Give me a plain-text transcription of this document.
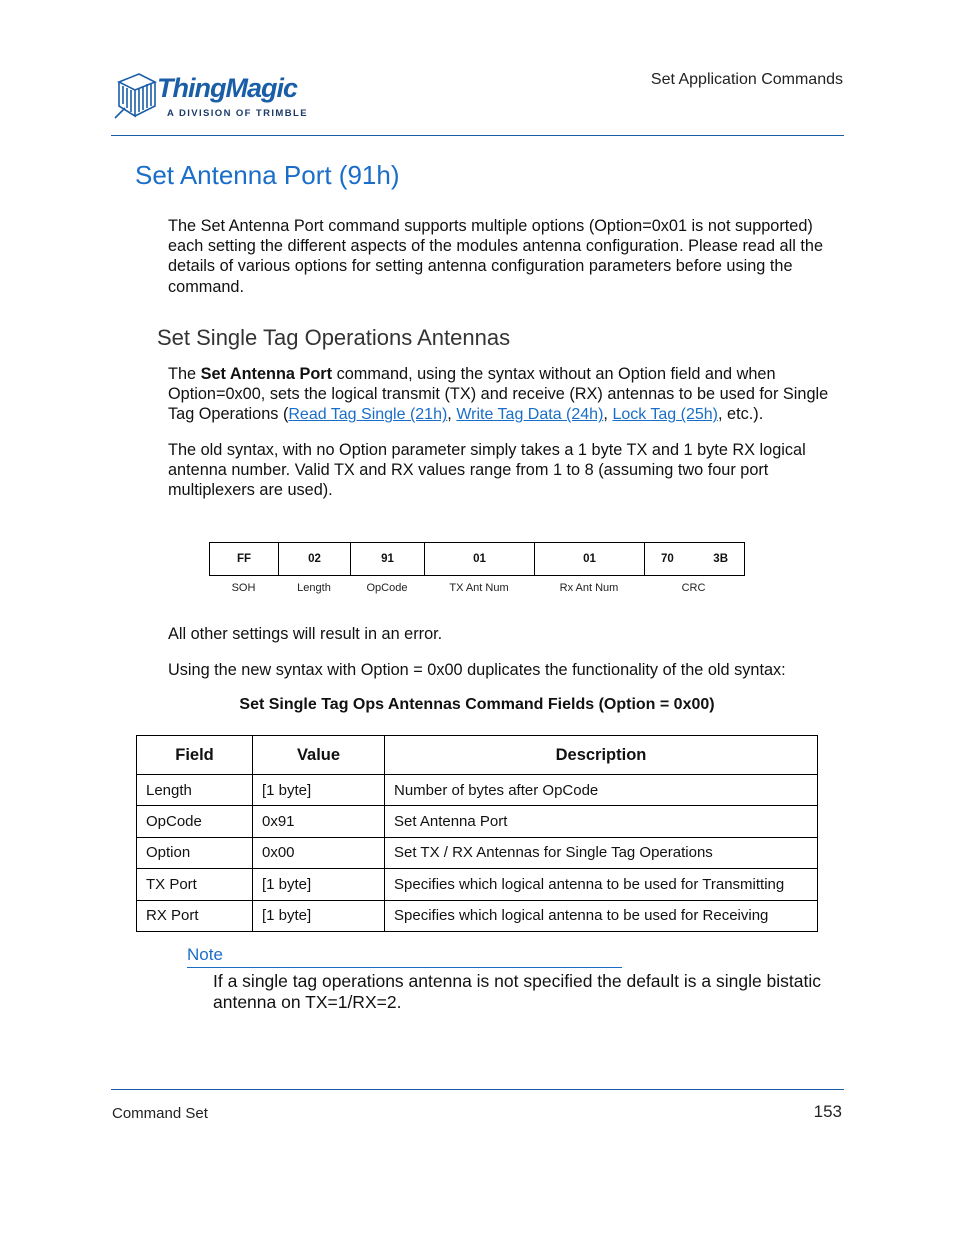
ThingMagic
A DIVISION OF TRIMBLE
Set Application Commands
Set Antenna Port (91h)

The Set Antenna Port command supports multiple options (Option=0x01 is not supported) each setting the different aspects of the modules antenna configuration. Please read all the details of various options for setting antenna configuration parameters before using the command.

Set Single Tag Operations Antennas

The Set Antenna Port command, using the syntax without an Option field and when Option=0x00, sets the logical transmit (TX) and receive (RX) antennas to be used for Single Tag Operations (Read Tag Single (21h), Write Tag Data (24h), Lock Tag (25h), etc.).

The old syntax, with no Option parameter simply takes a 1 byte TX and 1 byte RX logical antenna number. Valid TX and RX values range from 1 to 8 (assuming two four port multiplexers are used).

FF	02	91	01	01	70	3B
SOH	Length	OpCode	TX Ant Num	Rx Ant Num	CRC

All other settings will result in an error.

Using the new syntax with Option = 0x00 duplicates the functionality of the old syntax:

Set Single Tag Ops Antennas Command Fields (Option = 0x00)
Field	Value	Description
Length	[1 byte]	Number of bytes after OpCode
OpCode	0x91	Set Antenna Port
Option	0x00	Set TX / RX Antennas for Single Tag Operations
TX Port	[1 byte]	Specifies which logical antenna to be used for Transmitting
RX Port	[1 byte]	Specifies which logical antenna to be used for Receiving
Note

If a single tag operations antenna is not specified the default is a single bistatic antenna on TX=1/RX=2.

Command Set	153
